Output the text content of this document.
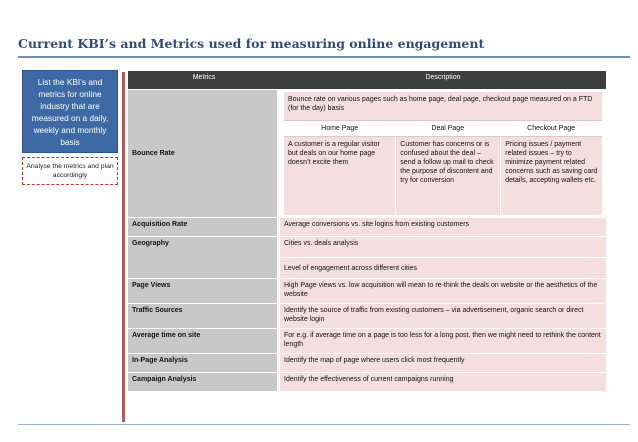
Current KBI’s and Metrics used for measuring online engagement
List the KBI’s and metrics for online industry that are measured on a daily, weekly and monthly basis
Analyse the metrics and plan accordingly
Metrics	Description
Bounce Rate	
Bounce rate on various pages such as home page, deal page, checkout page measured on a FTD (for the day) basis
Home Page	Deal Page	Checkout Page
A customer is a regular visitor but deals on our home page doesn’t excite them	Customer has concerns or is confused about the deal – send a follow up mail to check the purpose of discontent and try for conversion	Pricing issues / payment related issues – try to minimize payment related concerns such as saving card details, accepting wallets etc.

Acquisition Rate	Average conversions vs. site logins from existing customers
Geography	Cities vs. deals analysis
Level of engagement across different cities
Page Views	High Page views vs. low acquisition will mean to re-think the deals on website or the aesthetics of the website
Traffic Sources	Identify the source of traffic from existing customers – via advertisement, organic search or direct website login
Average time on site	For e.g. if average time on a page is too less for a long post, then we might need to rethink the content length
In-Page Analysis	Identify the map of page where users click most frequently
Campaign Analysis	Identify the effectiveness of current campaigns running
